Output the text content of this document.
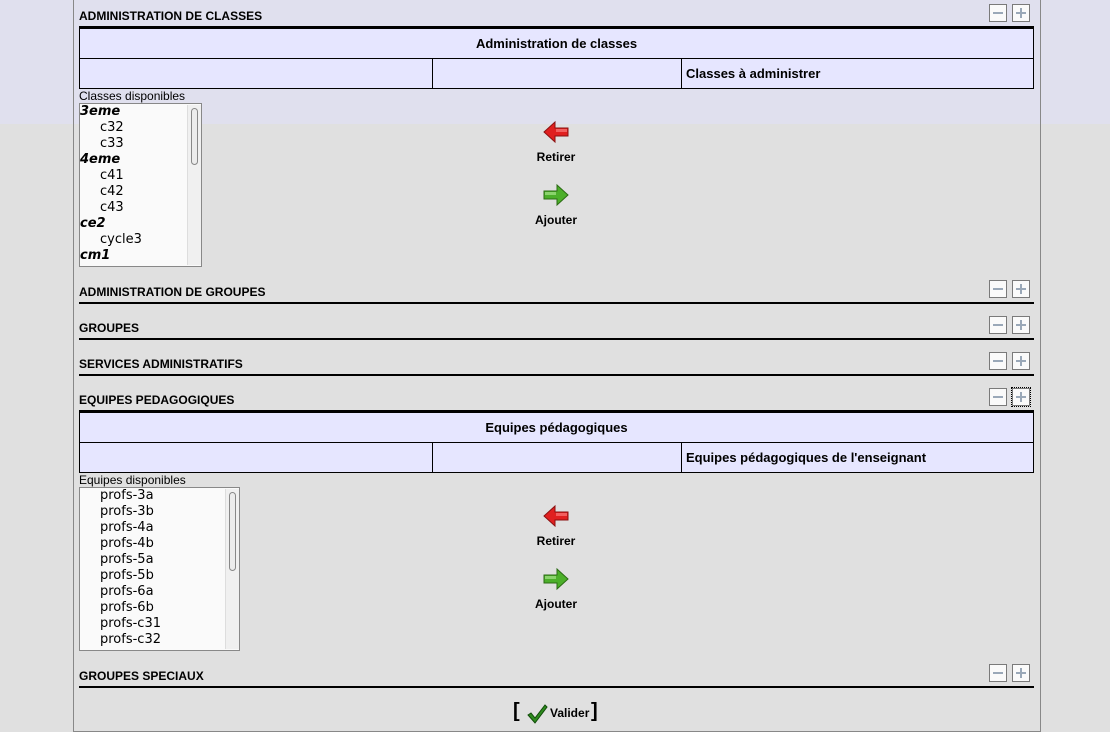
ADMINISTRATION DE CLASSES
Administration de classes
Classes à administrer
Classes disponibles
3eme
c32
c33
4eme
c41
c42
c43
ce2
cycle3
cm1
Retirer
Ajouter
ADMINISTRATION DE GROUPES
GROUPES
SERVICES ADMINISTRATIFS
EQUIPES PEDAGOGIQUES
Equipes pédagogiques
Equipes pédagogiques de l'enseignant
Equipes disponibles
profs-3a
profs-3b
profs-4a
profs-4b
profs-5a
profs-5b
profs-6a
profs-6b
profs-c31
profs-c32
Retirer
Ajouter
GROUPES SPECIAUX
[	Valider ]
